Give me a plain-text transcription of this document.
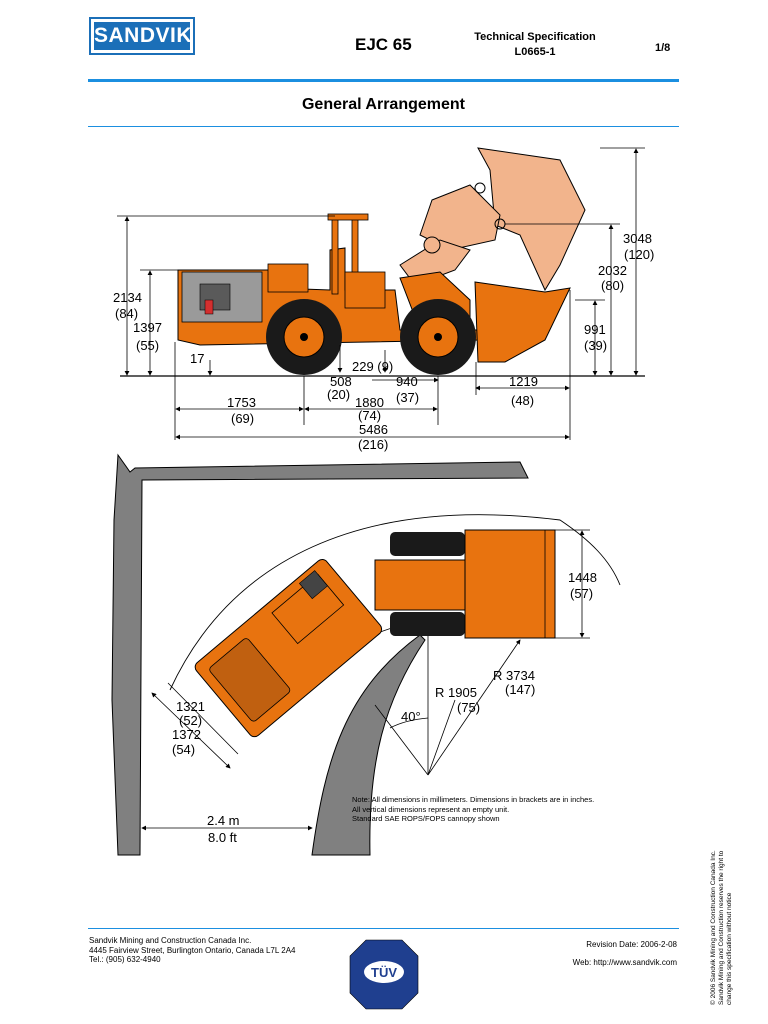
SANDVIK	EJC 65	Technical Specification
L0665-1	1/8
General Arrangement
2134
(84)
1397
(55)
17
229 (9)
508
(20)
940
(37)
1219
(48)
1753
(69)
1880
(74)
5486
(216)
3048
(120)
2032
(80)
991
(39)
1448
(57)
R 3734
(147)
R 1905
(75)
40°
1321
(52)
1372
(54)
2.4 m
8.0 ft
TÜV
Note: All dimensions in millimeters. Dimensions in brackets are in inches.
All vertical dimensions represent an empty unit.
Standard SAE ROPS/FOPS cannopy shown
Sandvik Mining and Construction Canada Inc.
4445 Fairview Street, Burlington Ontario, Canada L7L 2A4
Tel.: (905) 632-4940
Revision Date: 2006-2-08
Web: http://www.sandvik.com	© 2006 Sandvik Mining and Construction Canada Inc. Sandvik Mining and Construction reserves the right to change this specification without notice
